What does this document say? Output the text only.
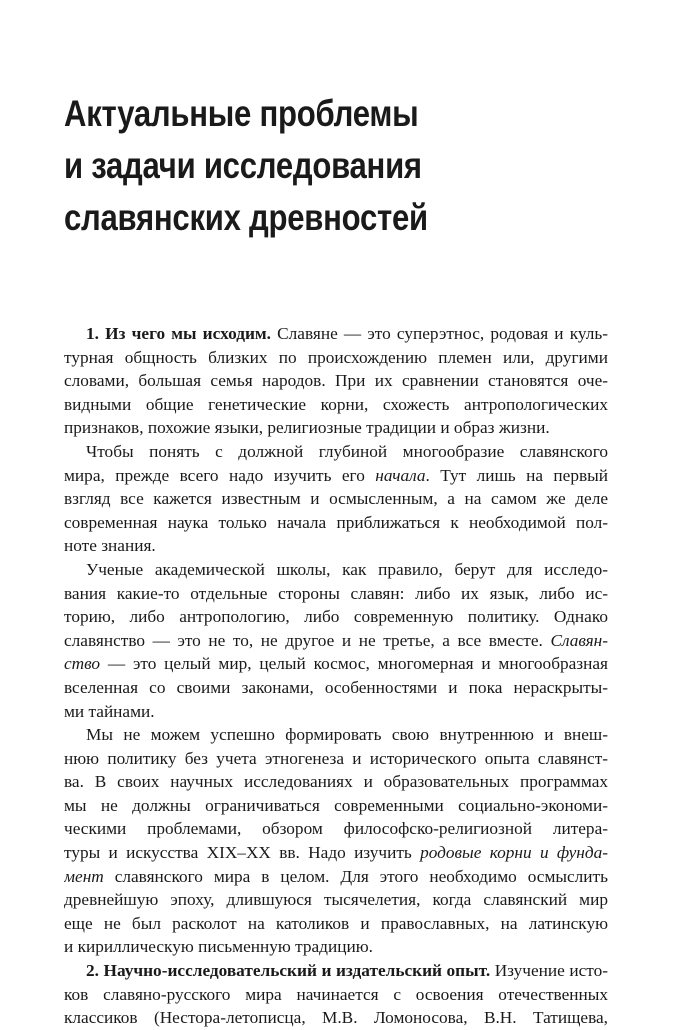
Актуальные проблемы
и задачи исследования
славянских древностей
1. Из чего мы исходим. Славяне — это суперэтнос, родовая и куль-
турная общность близких по происхождению племен или, другими
словами, большая семья народов. При их сравнении становятся оче-
видными общие генетические корни, схожесть антропологических
признаков, похожие языки, религиозные традиции и образ жизни.
Чтобы понять с должной глубиной многообразие славянского
мира, прежде всего надо изучить его начала. Тут лишь на первый
взгляд все кажется известным и осмысленным, а на самом же деле
современная наука только начала приближаться к необходимой пол-
ноте знания.
Ученые академической школы, как правило, берут для исследо-
вания какие-то отдельные стороны славян: либо их язык, либо ис-
торию, либо антропологию, либо современную политику. Однако
славянство — это не то, не другое и не третье, а все вместе. Славян-
ство — это целый мир, целый космос, многомерная и многообразная
вселенная со своими законами, особенностями и пока нераскрыты-
ми тайнами.
Мы не можем успешно формировать свою внутреннюю и внеш-
нюю политику без учета этногенеза и исторического опыта славянст-
ва. В своих научных исследованиях и образовательных программах
мы не должны ограничиваться современными социально-экономи-
ческими проблемами, обзором философско-религиозной литера-
туры и искусства XIX–XX вв. Надо изучить родовые корни и фунда-
мент славянского мира в целом. Для этого необходимо осмыслить
древнейшую эпоху, длившуюся тысячелетия, когда славянский мир
еще не был расколот на католиков и православных, на латинскую
и кириллическую письменную традицию.
2. Научно-исследовательский и издательский опыт. Изучение исто-
ков славяно-русского мира начинается с освоения отечественных
классиков (Нестора-летописца, М.В. Ломоносова, В.Н. Татищева,
